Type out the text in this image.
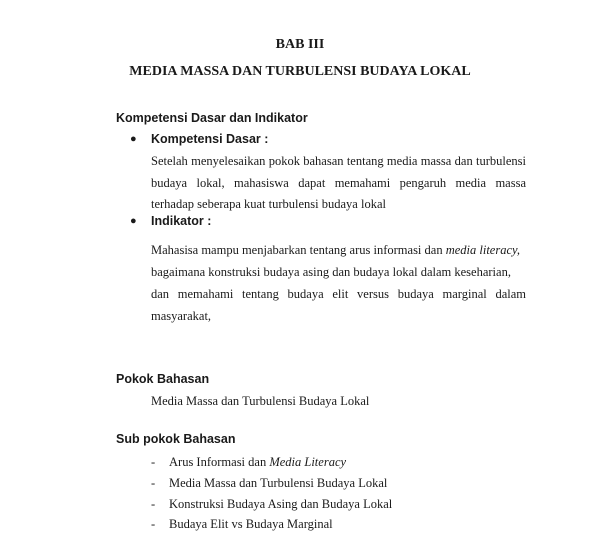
BAB III
MEDIA MASSA DAN TURBULENSI BUDAYA LOKAL
Kompetensi Dasar dan Indikator
● Kompetensi Dasar :
Setelah menyelesaikan pokok bahasan tentang media massa dan turbulensi
budaya lokal, mahasiswa dapat memahami pengaruh media massa
terhadap seberapa kuat turbulensi budaya lokal
● Indikator :
Mahasisa mampu menjabarkan tentang arus informasi dan media literacy,
bagaimana konstruksi budaya asing dan budaya lokal dalam keseharian,
dan memahami tentang budaya elit versus budaya marginal dalam
masyarakat,
Pokok Bahasan
Media Massa dan Turbulensi Budaya Lokal
Sub pokok Bahasan
- Arus Informasi dan Media Literacy
- Media Massa dan Turbulensi Budaya Lokal
- Konstruksi Budaya Asing dan Budaya Lokal
- Budaya Elit vs Budaya Marginal
